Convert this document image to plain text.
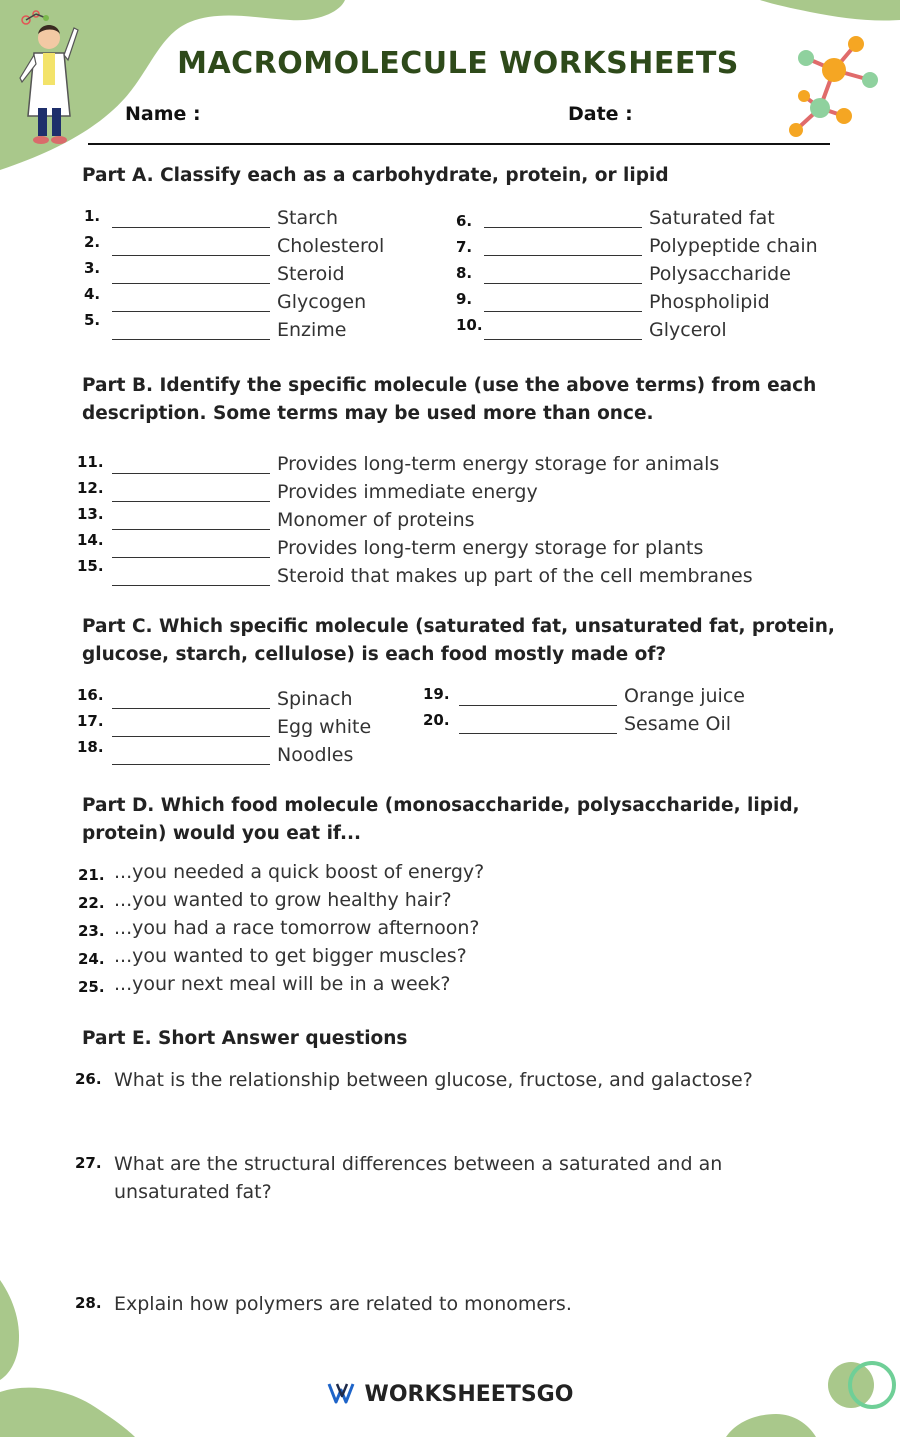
MACROMOLECULE WORKSHEETS
Name :	Date :
Part A. Classify each as a carbohydrate, protein, or lipid
1.	Starch
2.	Cholesterol
3.	Steroid
4.	Glycogen
5.	Enzime
6.	Saturated fat
7.	Polypeptide chain
8.	Polysaccharide
9.	Phospholipid
10.	Glycerol
Part B. Identify the specific molecule (use the above terms) from each description. Some terms may be used more than once.
11.	Provides long-term energy storage for animals
12.	Provides immediate energy
13.	Monomer of proteins
14.	Provides long-term energy storage for plants
15.	Steroid that makes up part of the cell membranes
Part C. Which specific molecule (saturated fat, unsaturated fat, protein, glucose, starch, cellulose) is each food mostly made of?
16.	Spinach
17.	Egg white
18.	Noodles
19.	Orange juice
20.	Sesame Oil
Part D. Which food molecule (monosaccharide, polysaccharide, lipid, protein) would you eat if...
21. ...you needed a quick boost of energy?
22. ...you wanted to grow healthy hair?
23. ...you had a race tomorrow afternoon?
24. ...you wanted to get bigger muscles?
25. ...your next meal will be in a week?
Part E. Short Answer questions
26. What is the relationship between glucose, fructose, and galactose?
27. What are the structural differences between a saturated and an unsaturated fat?
28. Explain how polymers are related to monomers.
WORKSHEETSGO
